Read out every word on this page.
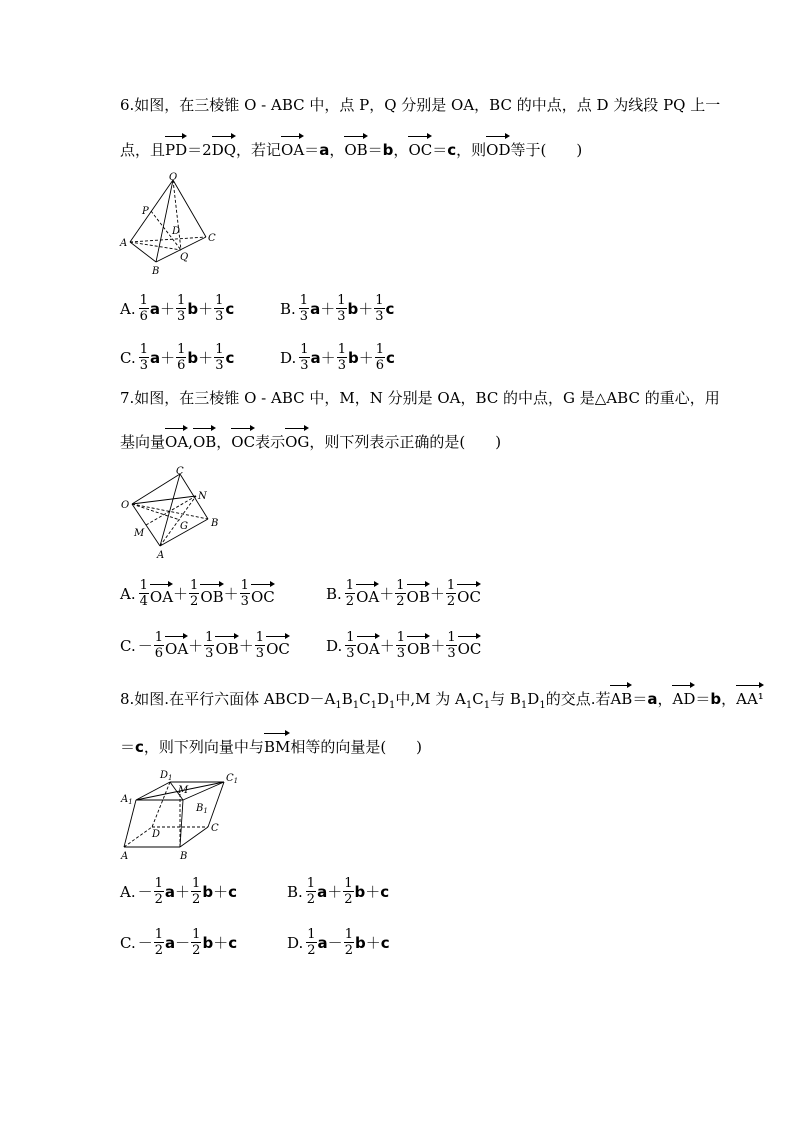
6.如图，在三棱锥 O - ABC 中，点 P，Q 分别是 OA，BC 的中点，点 D 为线段 PQ 上一
点，且PD＝2DQ，若记OA＝a，OB＝b，OC＝c，则OD等于(　　)
O
P
D
A	C
B
Q
A. $\frac{1}{6}$ $a + \frac{1}{3}$ $b + \frac{1}{3}$ c	B. $\frac{1}{3}$ $a + \frac{1}{3}$ $b + \frac{1}{3}$ c
C. $\frac{1}{3}$ $a + \frac{1}{6}$ $b + \frac{1}{3}$ c	D. $\frac{1}{3}$ $a + \frac{1}{3}$ $b + \frac{1}{6}$ c
7.如图，在三棱锥 O - ABC 中，M，N 分别是 OA，BC 的中点，G 是△ABC 的重心，用
基向量OA,OB，OC表示OG，则下列表示正确的是(　　)
C
N
O
G B
M
A
A. $\frac{1}{4}$ OA ＋ $\frac{1}{2}$ OB ＋ $\frac{1}{3}$ OC	B. $\frac{1}{2}$ OA ＋ $\frac{1}{2}$ OB ＋ $\frac{1}{2}$ OC
C. － $\frac{1}{6}$ OA ＋ $\frac{1}{3}$ OB ＋ $\frac{1}{3}$ OC D. $\frac{1}{3}$ OA ＋ $\frac{1}{3}$ OB ＋ $\frac{1}{3}$ OC
8.如图.在平行六面体 $ABCD-A_1B_1C_1D_1$中,M 为 $A_1C_1$与 $B_1D_1$的交点.若AB＝a，AD＝b，AA¹
＝c，则下列向量中与BM相等的向量是(　　)
$D_1$	$C_1$
$A_1$
M
$B_1$
D
C
A	B
A. － $\frac{1}{2}$ $a + \frac{1}{2}$ b ＋ c	B. $\frac{1}{2}$ $a + \frac{1}{2}$ b ＋ c
C. － $\frac{1}{2}$ $a - \frac{1}{2}$ b ＋ c	D. $\frac{1}{2}$ $a - \frac{1}{2}$ b ＋ c
